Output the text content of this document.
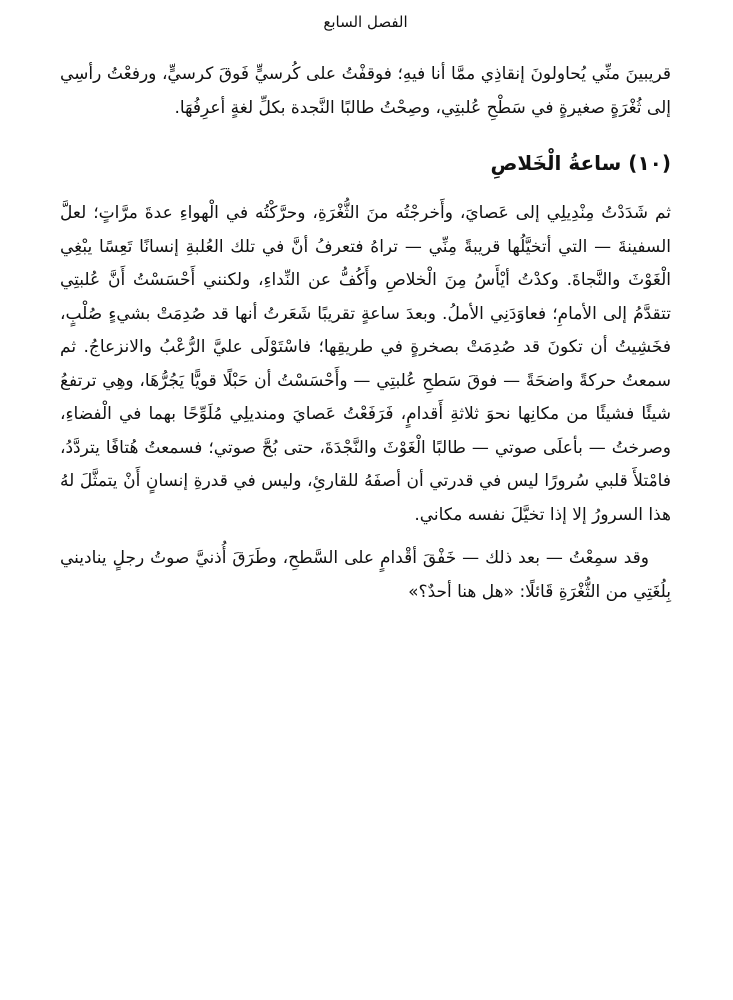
الفصل السابع

قريبينَ منِّي يُحاولونَ إنقاذِي ممَّا أنا فيهِ؛ فوقفْتُ على كُرسيٍّ فَوقَ كرسيٍّ، ورفعْتُ رأسِي إلى ثُغْرَةٍ صغيرةٍ في سَطْحِ عُلبتِي، وصِحْتُ طالبًا النَّجدة بكلِّ لغةٍ أعرِفُهَا.

(١٠) ساعةُ الْخَلاصِ

ثم شَدَدْتُ مِنْدِيلِي إلى عَصايَ، وأَخرجْتُه منَ الثُّغْرَةِ، وحرَّكْتُه في الْهواءِ عدةَ مرَّاتٍ؛ لعلَّ السفينةَ — التي أتخيَّلُها قريبةً مِنِّي — تراهُ فتعرفُ أنَّ في تلك العُلبةِ إنسانًا تَعِسًا يبْغِي الْغَوْثَ والنَّجاةَ. وكدْتُ أيْأَسُ مِنَ الْخلاصِ وأَكُفُّ عن النِّداءِ، ولكنني أَحْسَسْتُ أَنَّ عُلبتِي تتقدَّمُ إلى الأمامِ؛ فعاوَدَنِي الأملُ. وبعدَ ساعةٍ تقريبًا شَعَرتُ أنها قد صُدِمَتْ بشيءٍ صُلْبٍ، فخَشِيتُ أن تكونَ قد صُدِمَتْ بصخرةٍ في طريقِها؛ فاسْتَوْلَى عليَّ الرُّعْبُ والانزعاجُ. ثم سمعتُ حركةً واضحَةً — فوقَ سَطحِ عُلبتِي — وأَحْسَسْتُ أن حَبْلًا قويًّا يَجُرُّهَا، وهِي ترتفعُ شيئًا فشيئًا من مكانِها نحوَ ثلاثةِ أَقدامٍ، فَرَفَعْتُ عَصايَ ومنديلِي مُلَوِّحًا بهما في الْفضاءِ، وصرختُ — بأعلَى صوتي — طالبًا الْغَوْثَ والنَّجْدَةَ، حتى بُحَّ صوتي؛ فسمعتُ هُتافًا يتردَّدُ، فامْتلأَ قلبي سُرورًا ليس في قدرتي أن أصفَهُ للقارئِ، وليس في قدرةِ إنسانٍ أَنْ يتمثَّلَ لهُ هذا السرورُ إلا إذا تخيَّلَ نفسه مكاني.

وقد سمِعْتُ — بعد ذلك — خَفْقَ أقْدامٍ على السَّطحِ، وطَرَقَ أُذنيَّ صوتُ رجلٍ يناديني بِلُغَتِي من الثُّغْرَةِ قَائلًا: «هل هنا أحدٌ؟»
